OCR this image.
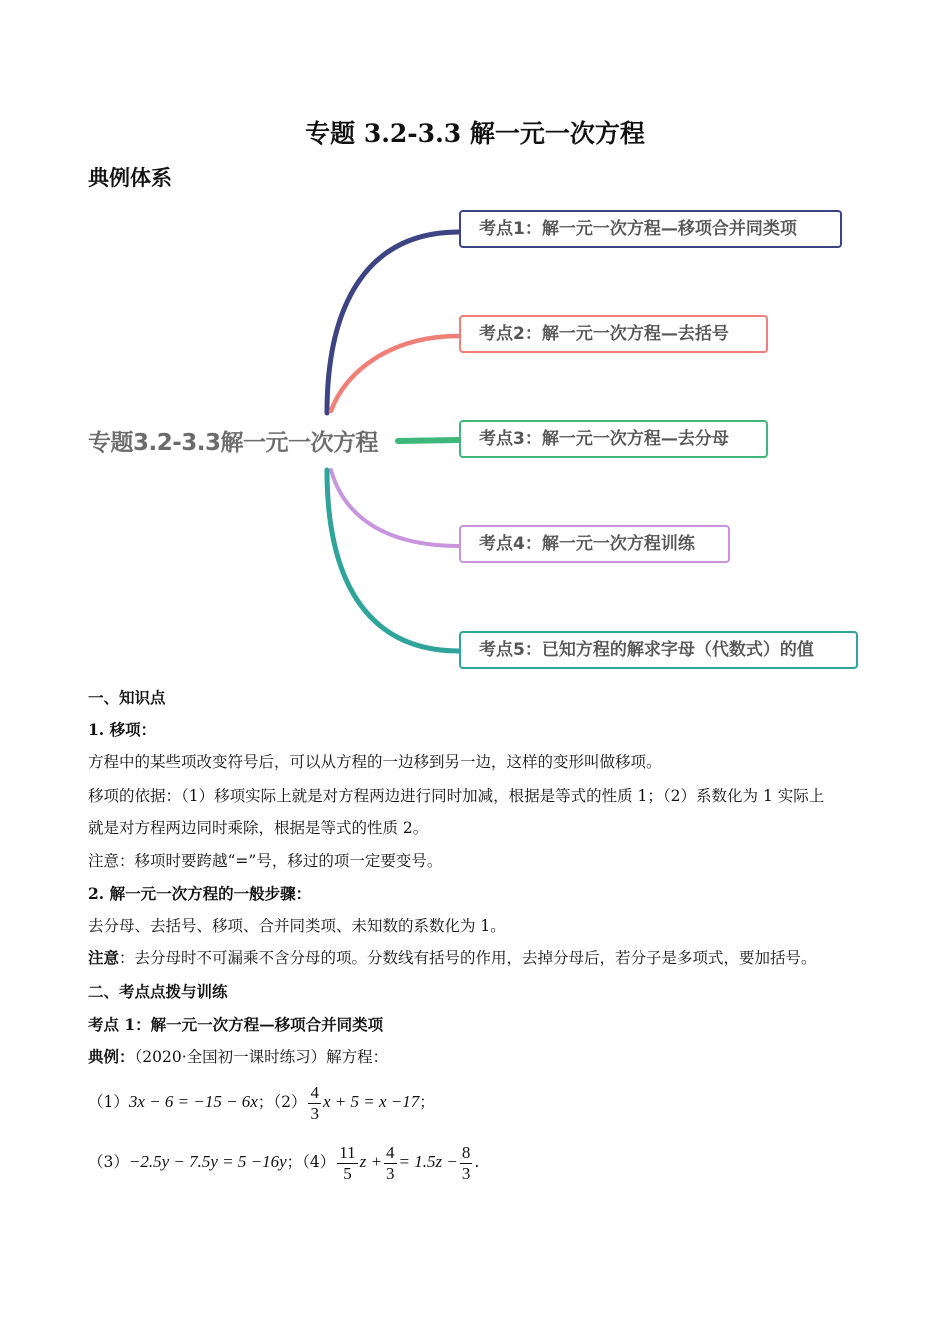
专题 3.2-3.3 解一元一次方程
典例体系
专题3.2-3.3解一元一次方程
考点1：解一元一次方程—移项合并同类项
考点2：解一元一次方程—去括号
考点3：解一元一次方程—去分母
考点4：解一元一次方程训练
考点5：已知方程的解求字母（代数式）的值
一、知识点
1. 移项：
方程中的某些项改变符号后，可以从方程的一边移到另一边，这样的变形叫做移项。
移项的依据：（1）移项实际上就是对方程两边进行同时加减，根据是等式的性质 1；（2）系数化为 1 实际上
就是对方程两边同时乘除，根据是等式的性质 2。
注意：移项时要跨越“=”号，移过的项一定要变号。
2. 解一元一次方程的一般步骤：
去分母、去括号、移项、合并同类项、未知数的系数化为 1。
注意：去分母时不可漏乘不含分母的项。分数线有括号的作用，去掉分母后，若分子是多项式，要加括号。
二、考点点拨与训练
考点 1：解一元一次方程—移项合并同类项
典例：（2020·全国初一课时练习）解方程：
（1）3x − 6 = −15 − 6x；$(2) \frac{4}{3}$ x + 5 = x −17；
（3）−2.5y − 7.5y = 5 −16y；$(4) \frac{11}{5}$ $z + \frac{4}{3} = 1.5z - \frac{8}{3}$ .
